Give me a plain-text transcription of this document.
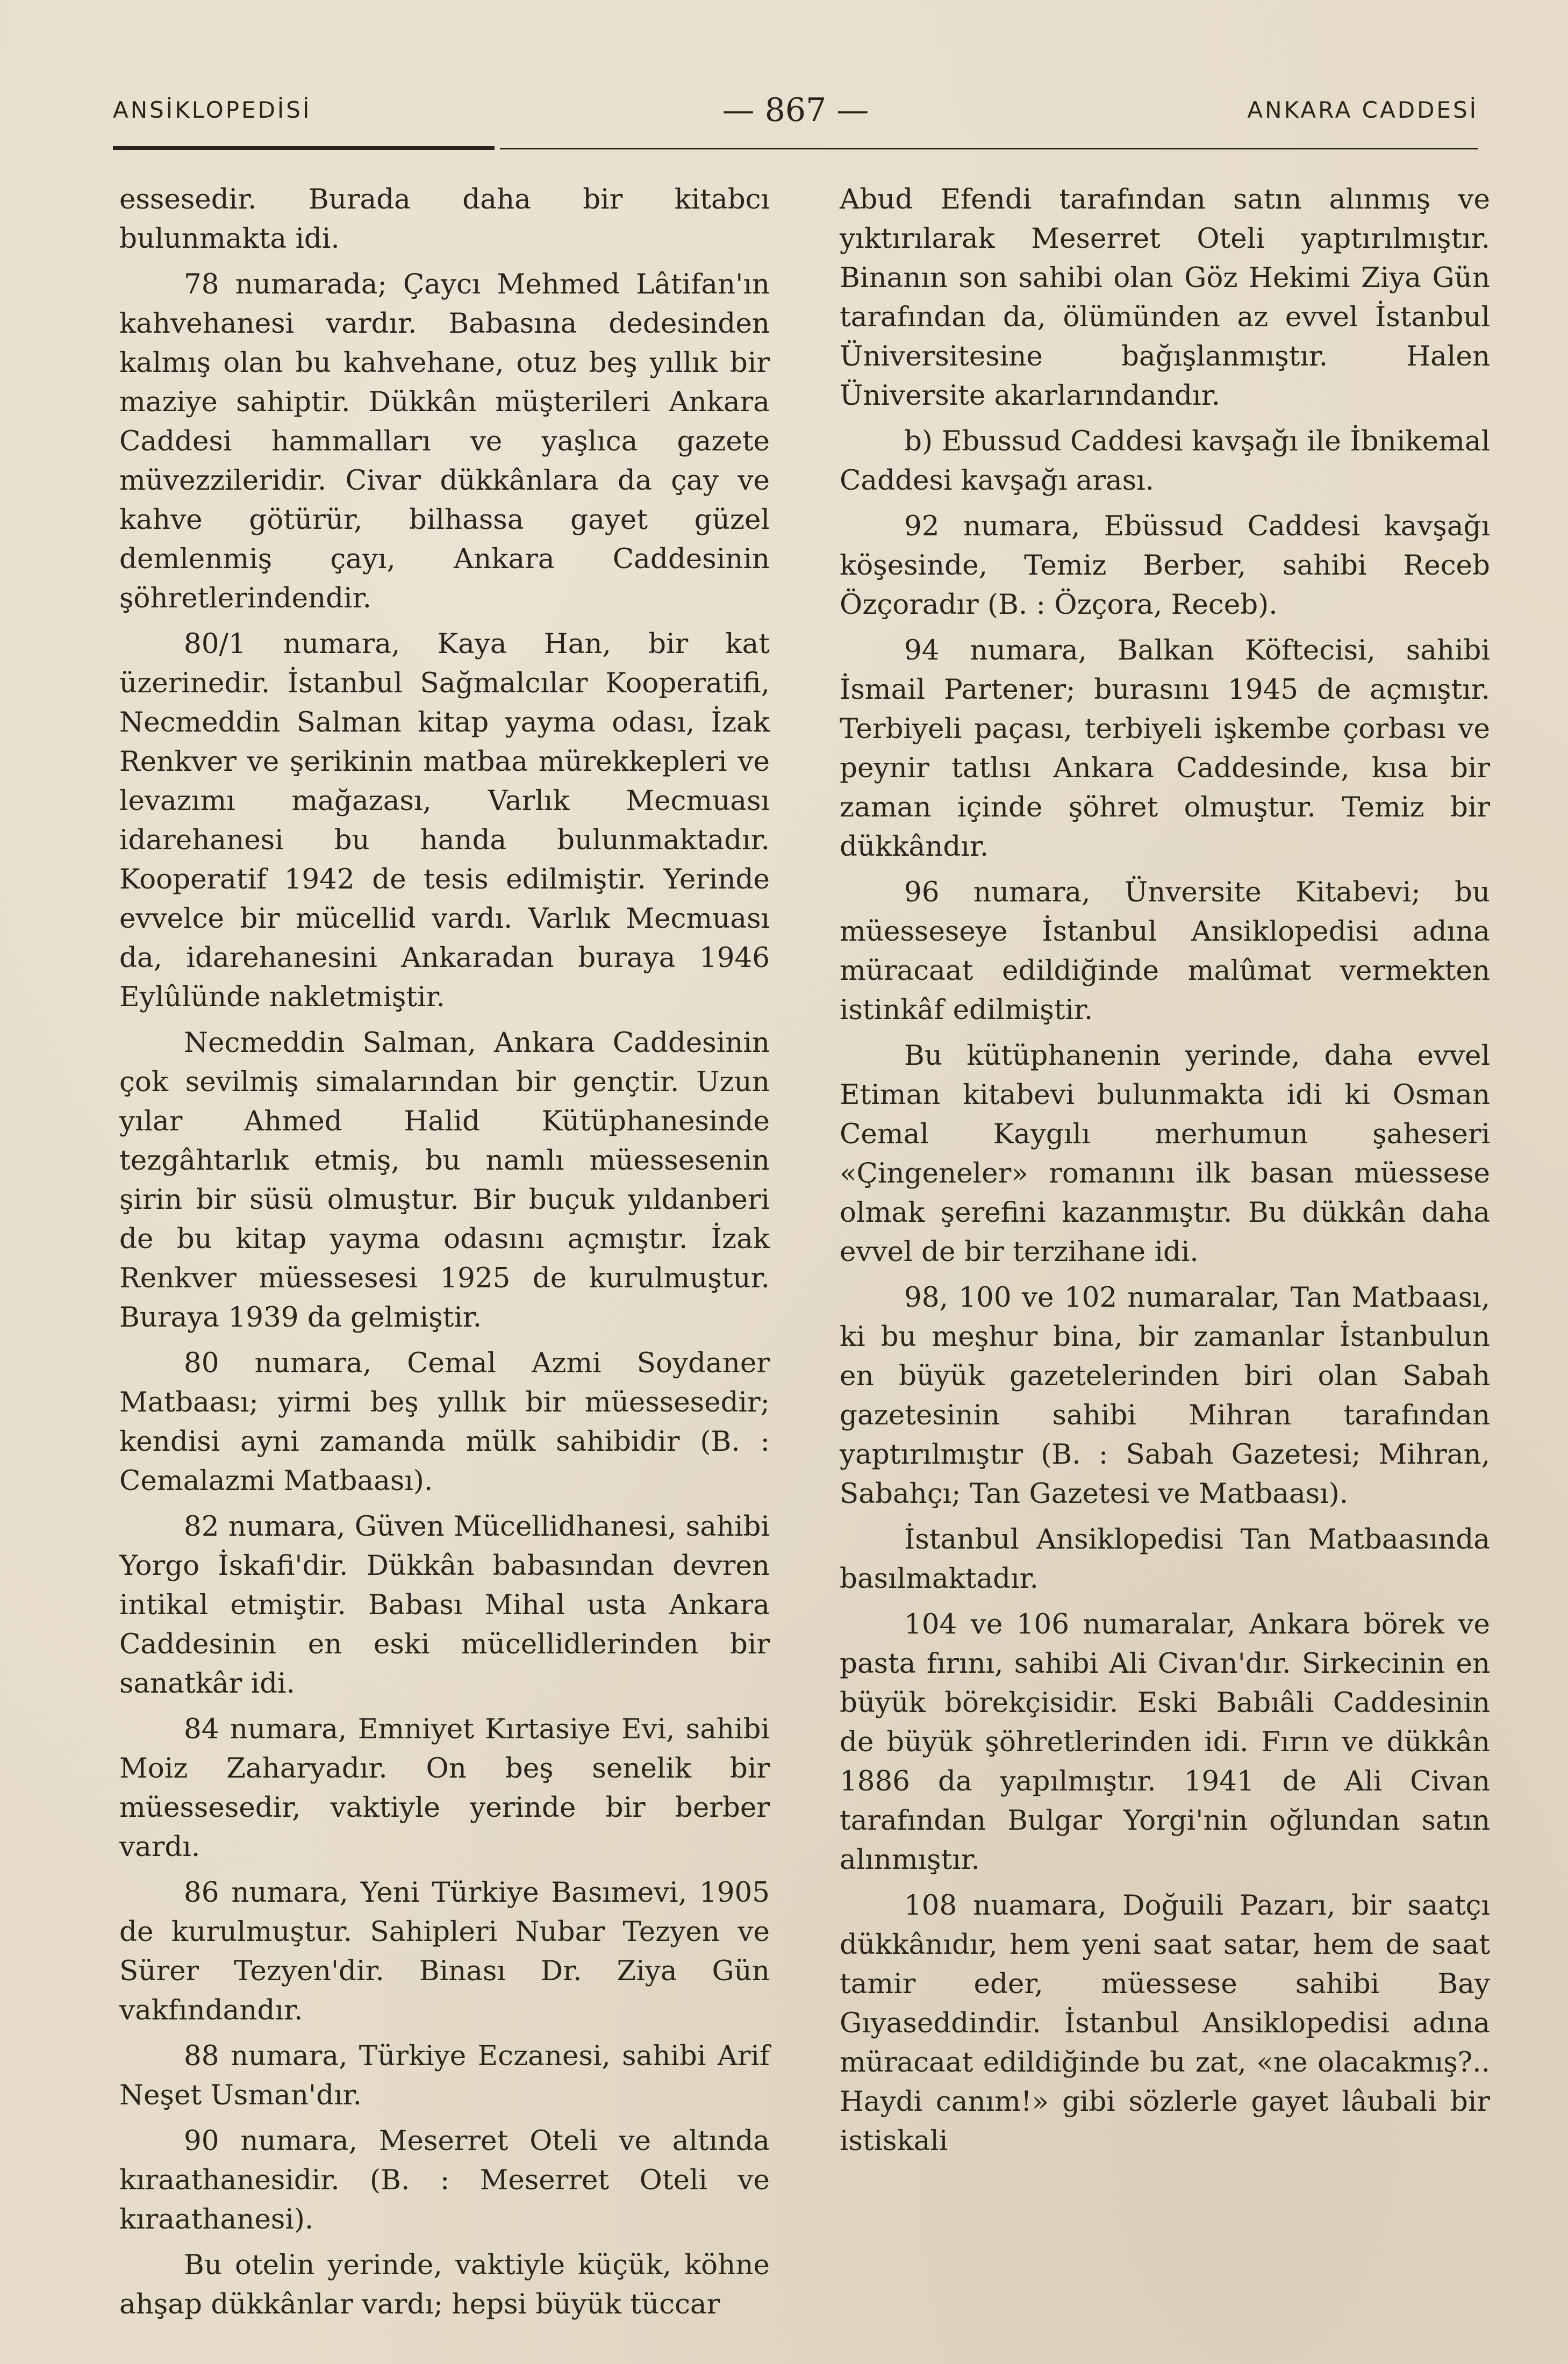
ANSİKLOPEDİSİ	— 867 —	ANKARA CADDESİ

essesedir. Burada daha bir kitabcı bulunmakta idi.

78 numarada; Çaycı Mehmed Lâtifan'ın kahvehanesi vardır. Babasına dedesinden kalmış olan bu kahvehane, otuz beş yıllık bir maziye sahiptir. Dükkân müşterileri Ankara Caddesi hammalları ve yaşlıca gazete müvezzileridir. Civar dükkânlara da çay ve kahve götürür, bilhassa gayet güzel demlenmiş çayı, Ankara Caddesinin şöhretlerindendir.

80/1 numara, Kaya Han, bir kat üzerinedir. İstanbul Sağmalcılar Kooperatifi, Necmeddin Salman kitap yayma odası, İzak Renkver ve şerikinin matbaa mürekkepleri ve levazımı mağazası, Varlık Mecmuası idarehanesi bu handa bulunmaktadır. Kooperatif 1942 de tesis edilmiştir. Yerinde evvelce bir mücellid vardı. Varlık Mecmuası da, idarehanesini Ankaradan buraya 1946 Eylûlünde nakletmiştir.

Necmeddin Salman, Ankara Caddesinin çok sevilmiş simalarından bir gençtir. Uzun yılar Ahmed Halid Kütüphanesinde tezgâhtarlık etmiş, bu namlı müessesenin şirin bir süsü olmuştur. Bir buçuk yıldanberi de bu kitap yayma odasını açmıştır. İzak Renkver müessesesi 1925 de kurulmuştur. Buraya 1939 da gelmiştir.

80 numara, Cemal Azmi Soydaner Matbaası; yirmi beş yıllık bir müessesedir; kendisi ayni zamanda mülk sahibidir (B. : Cemalazmi Matbaası).

82 numara, Güven Mücellidhanesi, sahibi Yorgo İskafi'dir. Dükkân babasından devren intikal etmiştir. Babası Mihal usta Ankara Caddesinin en eski mücellidlerinden bir sanatkâr idi.

84 numara, Emniyet Kırtasiye Evi, sahibi Moiz Zaharyadır. On beş senelik bir müessesedir, vaktiyle yerinde bir berber vardı.

86 numara, Yeni Türkiye Basımevi, 1905 de kurulmuştur. Sahipleri Nubar Tezyen ve Sürer Tezyen'dir. Binası Dr. Ziya Gün vakfındandır.

88 numara, Türkiye Eczanesi, sahibi Arif Neşet Usman'dır.

90 numara, Meserret Oteli ve altında kıraathanesidir. (B. : Meserret Oteli ve kıraathanesi).

Bu otelin yerinde, vaktiyle küçük, köhne ahşap dükkânlar vardı; hepsi büyük tüccar

Abud Efendi tarafından satın alınmış ve yıktırılarak Meserret Oteli yaptırılmıştır. Binanın son sahibi olan Göz Hekimi Ziya Gün tarafından da, ölümünden az evvel İstanbul Üniversitesine bağışlanmıştır. Halen Üniversite akarlarındandır.

b) Ebussud Caddesi kavşağı ile İbnikemal Caddesi kavşağı arası.

92 numara, Ebüssud Caddesi kavşağı köşesinde, Temiz Berber, sahibi Receb Özçoradır (B. : Özçora, Receb).

94 numara, Balkan Köftecisi, sahibi İsmail Partener; burasını 1945 de açmıştır. Terbiyeli paçası, terbiyeli işkembe çorbası ve peynir tatlısı Ankara Caddesinde, kısa bir zaman içinde şöhret olmuştur. Temiz bir dükkândır.

96 numara, Ünversite Kitabevi; bu müesseseye İstanbul Ansiklopedisi adına müracaat edildiğinde malûmat vermekten istinkâf edilmiştir.

Bu kütüphanenin yerinde, daha evvel Etiman kitabevi bulunmakta idi ki Osman Cemal Kaygılı merhumun şaheseri «Çingeneler» romanını ilk basan müessese olmak şerefini kazanmıştır. Bu dükkân daha evvel de bir terzihane idi.

98, 100 ve 102 numaralar, Tan Matbaası, ki bu meşhur bina, bir zamanlar İstanbulun en büyük gazetelerinden biri olan Sabah gazetesinin sahibi Mihran tarafından yaptırılmıştır (B. : Sabah Gazetesi; Mihran, Sabahçı; Tan Gazetesi ve Matbaası).

İstanbul Ansiklopedisi Tan Matbaasında basılmaktadır.

104 ve 106 numaralar, Ankara börek ve pasta fırını, sahibi Ali Civan'dır. Sirkecinin en büyük börekçisidir. Eski Babıâli Caddesinin de büyük şöhretlerinden idi. Fırın ve dükkân 1886 da yapılmıştır. 1941 de Ali Civan tarafından Bulgar Yorgi'nin oğlundan satın alınmıştır.

108 nuamara, Doğuili Pazarı, bir saatçı dükkânıdır, hem yeni saat satar, hem de saat tamir eder, müessese sahibi Bay Gıyaseddindir. İstanbul Ansiklopedisi adına müracaat edildiğinde bu zat, «ne olacakmış?.. Haydi canım!» gibi sözlerle gayet lâubali bir istiskali
